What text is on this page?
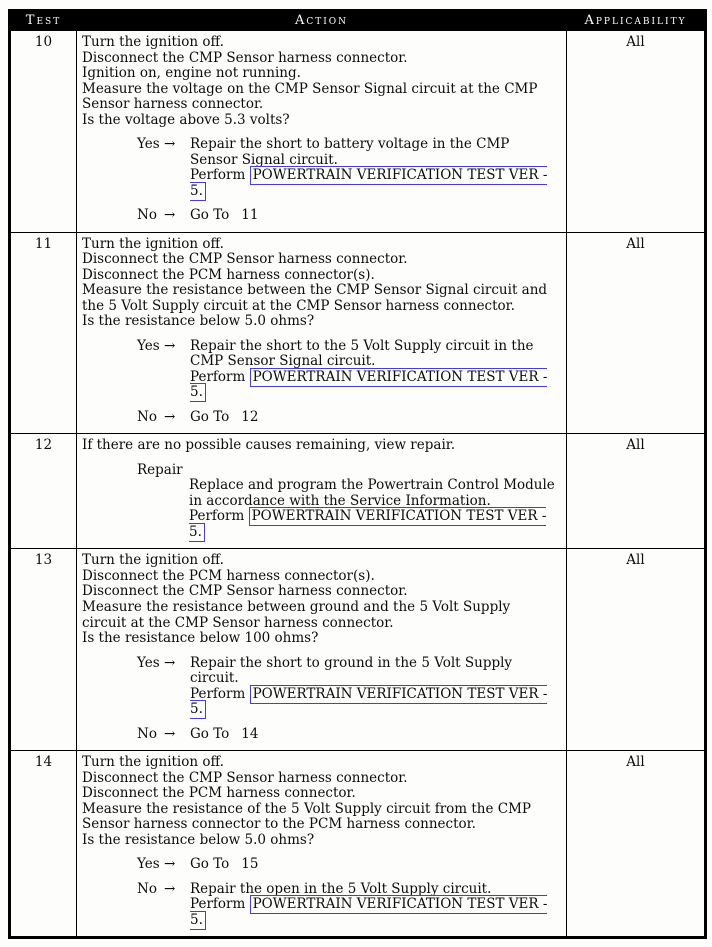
Test	Action	Applicability

10	Turn the ignition off.
Disconnect the CMP Sensor harness connector.
Ignition on, engine not running.
Measure the voltage on the CMP Sensor Signal circuit at the CMP Sensor harness connector.
Is the voltage above 5.3 volts?
Yes →	Repair the short to battery voltage in the CMP Sensor Signal circuit.
Perform POWERTRAIN VERIFICATION TEST VER - 5.
No →	Go To 11

All

11	Turn the ignition off.
Disconnect the CMP Sensor harness connector.
Disconnect the PCM harness connector(s).
Measure the resistance between the CMP Sensor Signal circuit and the 5 Volt Supply circuit at the CMP Sensor harness connector.
Is the resistance below 5.0 ohms?
Yes →	Repair the short to the 5 Volt Supply circuit in the CMP Sensor Signal circuit.
Perform POWERTRAIN VERIFICATION TEST VER - 5.
No →	Go To 12

All

12	If there are no possible causes remaining, view repair.
Repair
Replace and program the Powertrain Control Module in accordance with the Service Information.
Perform POWERTRAIN VERIFICATION TEST VER - 5.	All

13	Turn the ignition off.
Disconnect the PCM harness connector(s).
Disconnect the CMP Sensor harness connector.
Measure the resistance between ground and the 5 Volt Supply circuit at the CMP Sensor harness connector.
Is the resistance below 100 ohms?
Yes →	Repair the short to ground in the 5 Volt Supply circuit.
Perform POWERTRAIN VERIFICATION TEST VER - 5.
No →	Go To 14

All

14	Turn the ignition off.
Disconnect the CMP Sensor harness connector.
Disconnect the PCM harness connector.
Measure the resistance of the 5 Volt Supply circuit from the CMP Sensor harness connector to the PCM harness connector.
Is the resistance below 5.0 ohms?
Yes →	Go To 15
No →	Repair the open in the 5 Volt Supply circuit.
Perform POWERTRAIN VERIFICATION TEST VER - 5.

All
